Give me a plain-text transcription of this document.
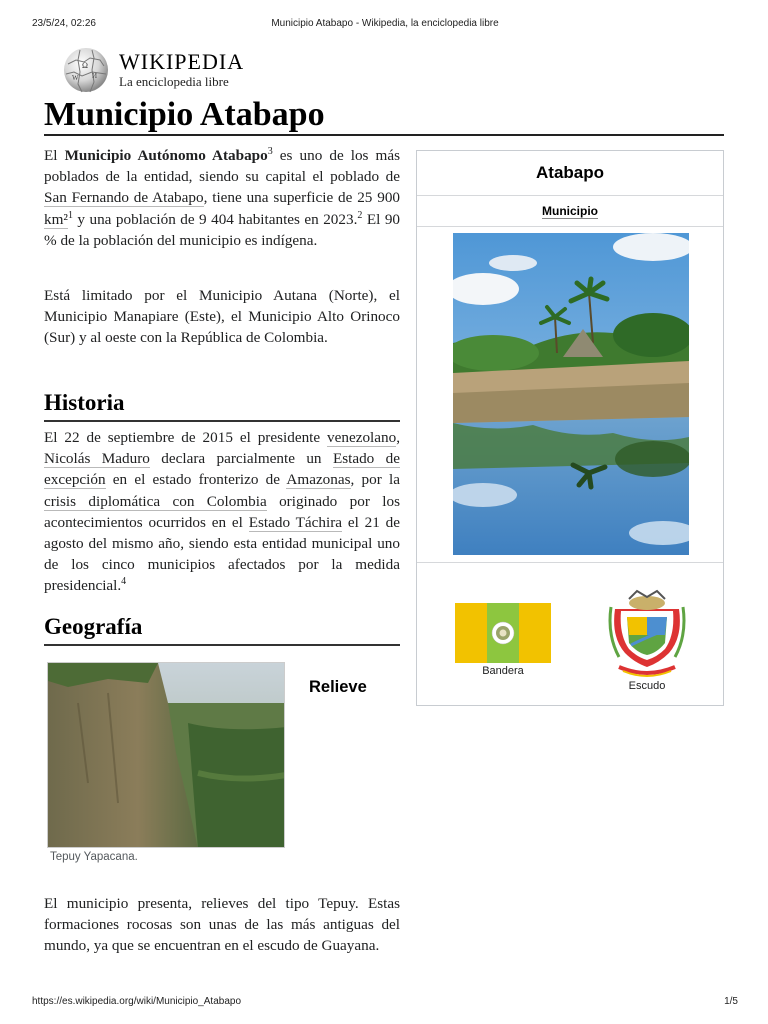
23/5/24, 02:26	Municipio Atabapo - Wikipedia, la enciclopedia libre
Ω
W И
WIKIPEDIA
La enciclopedia libre
Municipio Atabapo

El Municipio Autónomo Atabapo$^3$ es uno de los más poblados de la entidad, siendo su capital el poblado de San Fernando de Atabapo, tiene una superficie de 25 900 km²$^1$ y una población de 9 404 habitantes en 2023.$^2$ El 90 % de la población del municipio es indígena.

Está limitado por el Municipio Autana (Norte), el Municipio Manapiare (Este), el Municipio Alto Orinoco (Sur) y al oeste con la República de Colombia.

Historia

El 22 de septiembre de 2015 el presidente venezolano, Nicolás Maduro declara parcialmente un Estado de excepción en el estado fronterizo de Amazonas, por la crisis diplomática con Colombia originado por los acontecimientos ocurridos en el Estado Táchira el 21 de agosto del mismo año, siendo esta entidad municipal uno de los cinco municipios afectados por la medida presidencial.$^4$

Geografía
Tepuy Yapacana.
Relieve

El municipio presenta, relieves del tipo Tepuy. Estas formaciones rocosas son unas de las más antiguas del mundo, ya que se encuentran en el escudo de Guayana.

Atabapo
Municipio
Bandera
Escudo
https://es.wikipedia.org/wiki/Municipio_Atabapo	1/5
